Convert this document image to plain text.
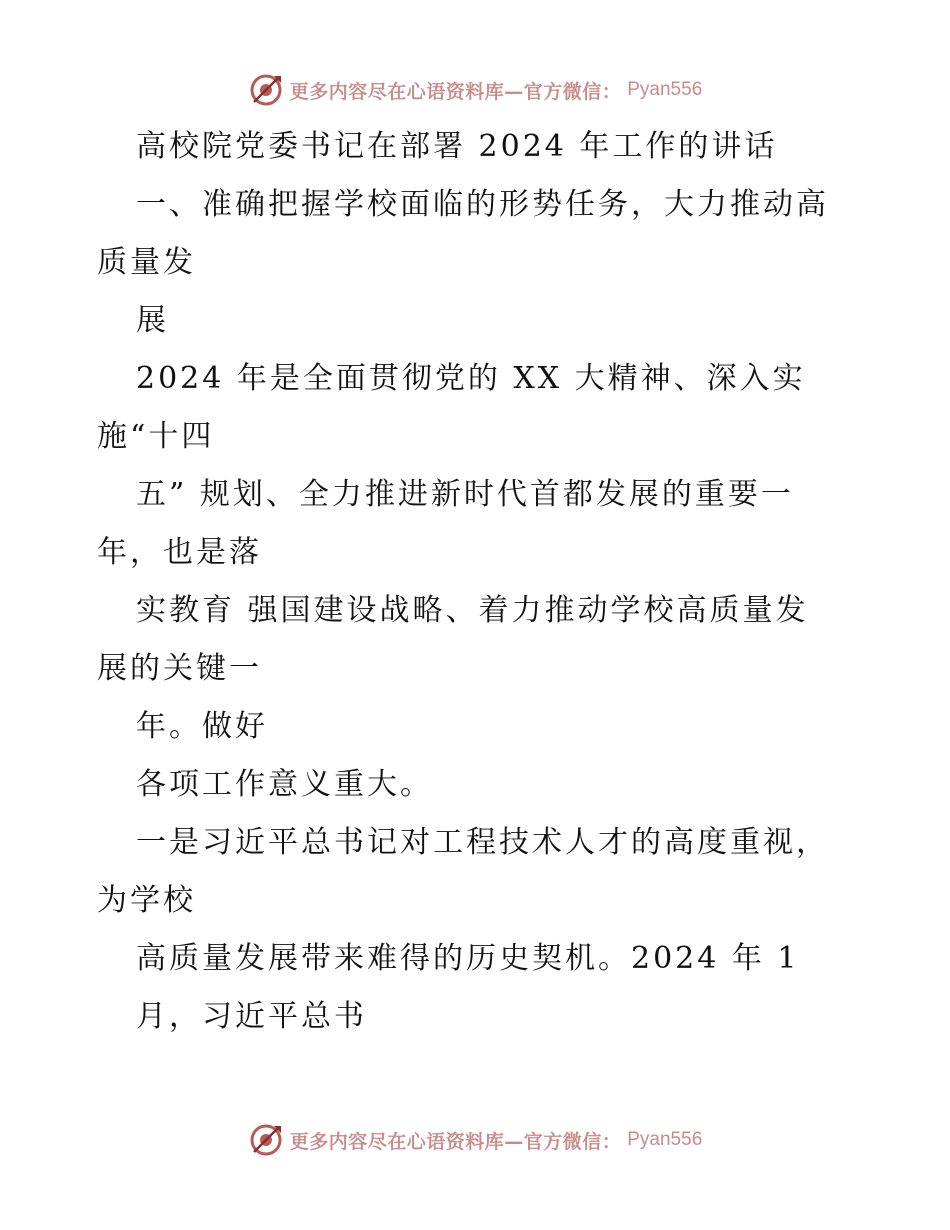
更多内容尽在心语资料库—官方微信： Pyan556
高校院党委书记在部署 2024 年工作的讲话
一、准确把握学校面临的形势任务，大力推动高
质量发
展
2024 年是全面贯彻党的 XX 大精神、深入实
施“十四
五” 规划、全力推进新时代首都发展的重要一
年，也是落
实教育 强国建设战略、着力推动学校高质量发
展的关键一
年。做好
各项工作意义重大。
一是习近平总书记对工程技术人才的高度重视，
为学校
高质量发展带来难得的历史契机。2024 年 1
月，习近平总书
更多内容尽在心语资料库—官方微信： Pyan556
